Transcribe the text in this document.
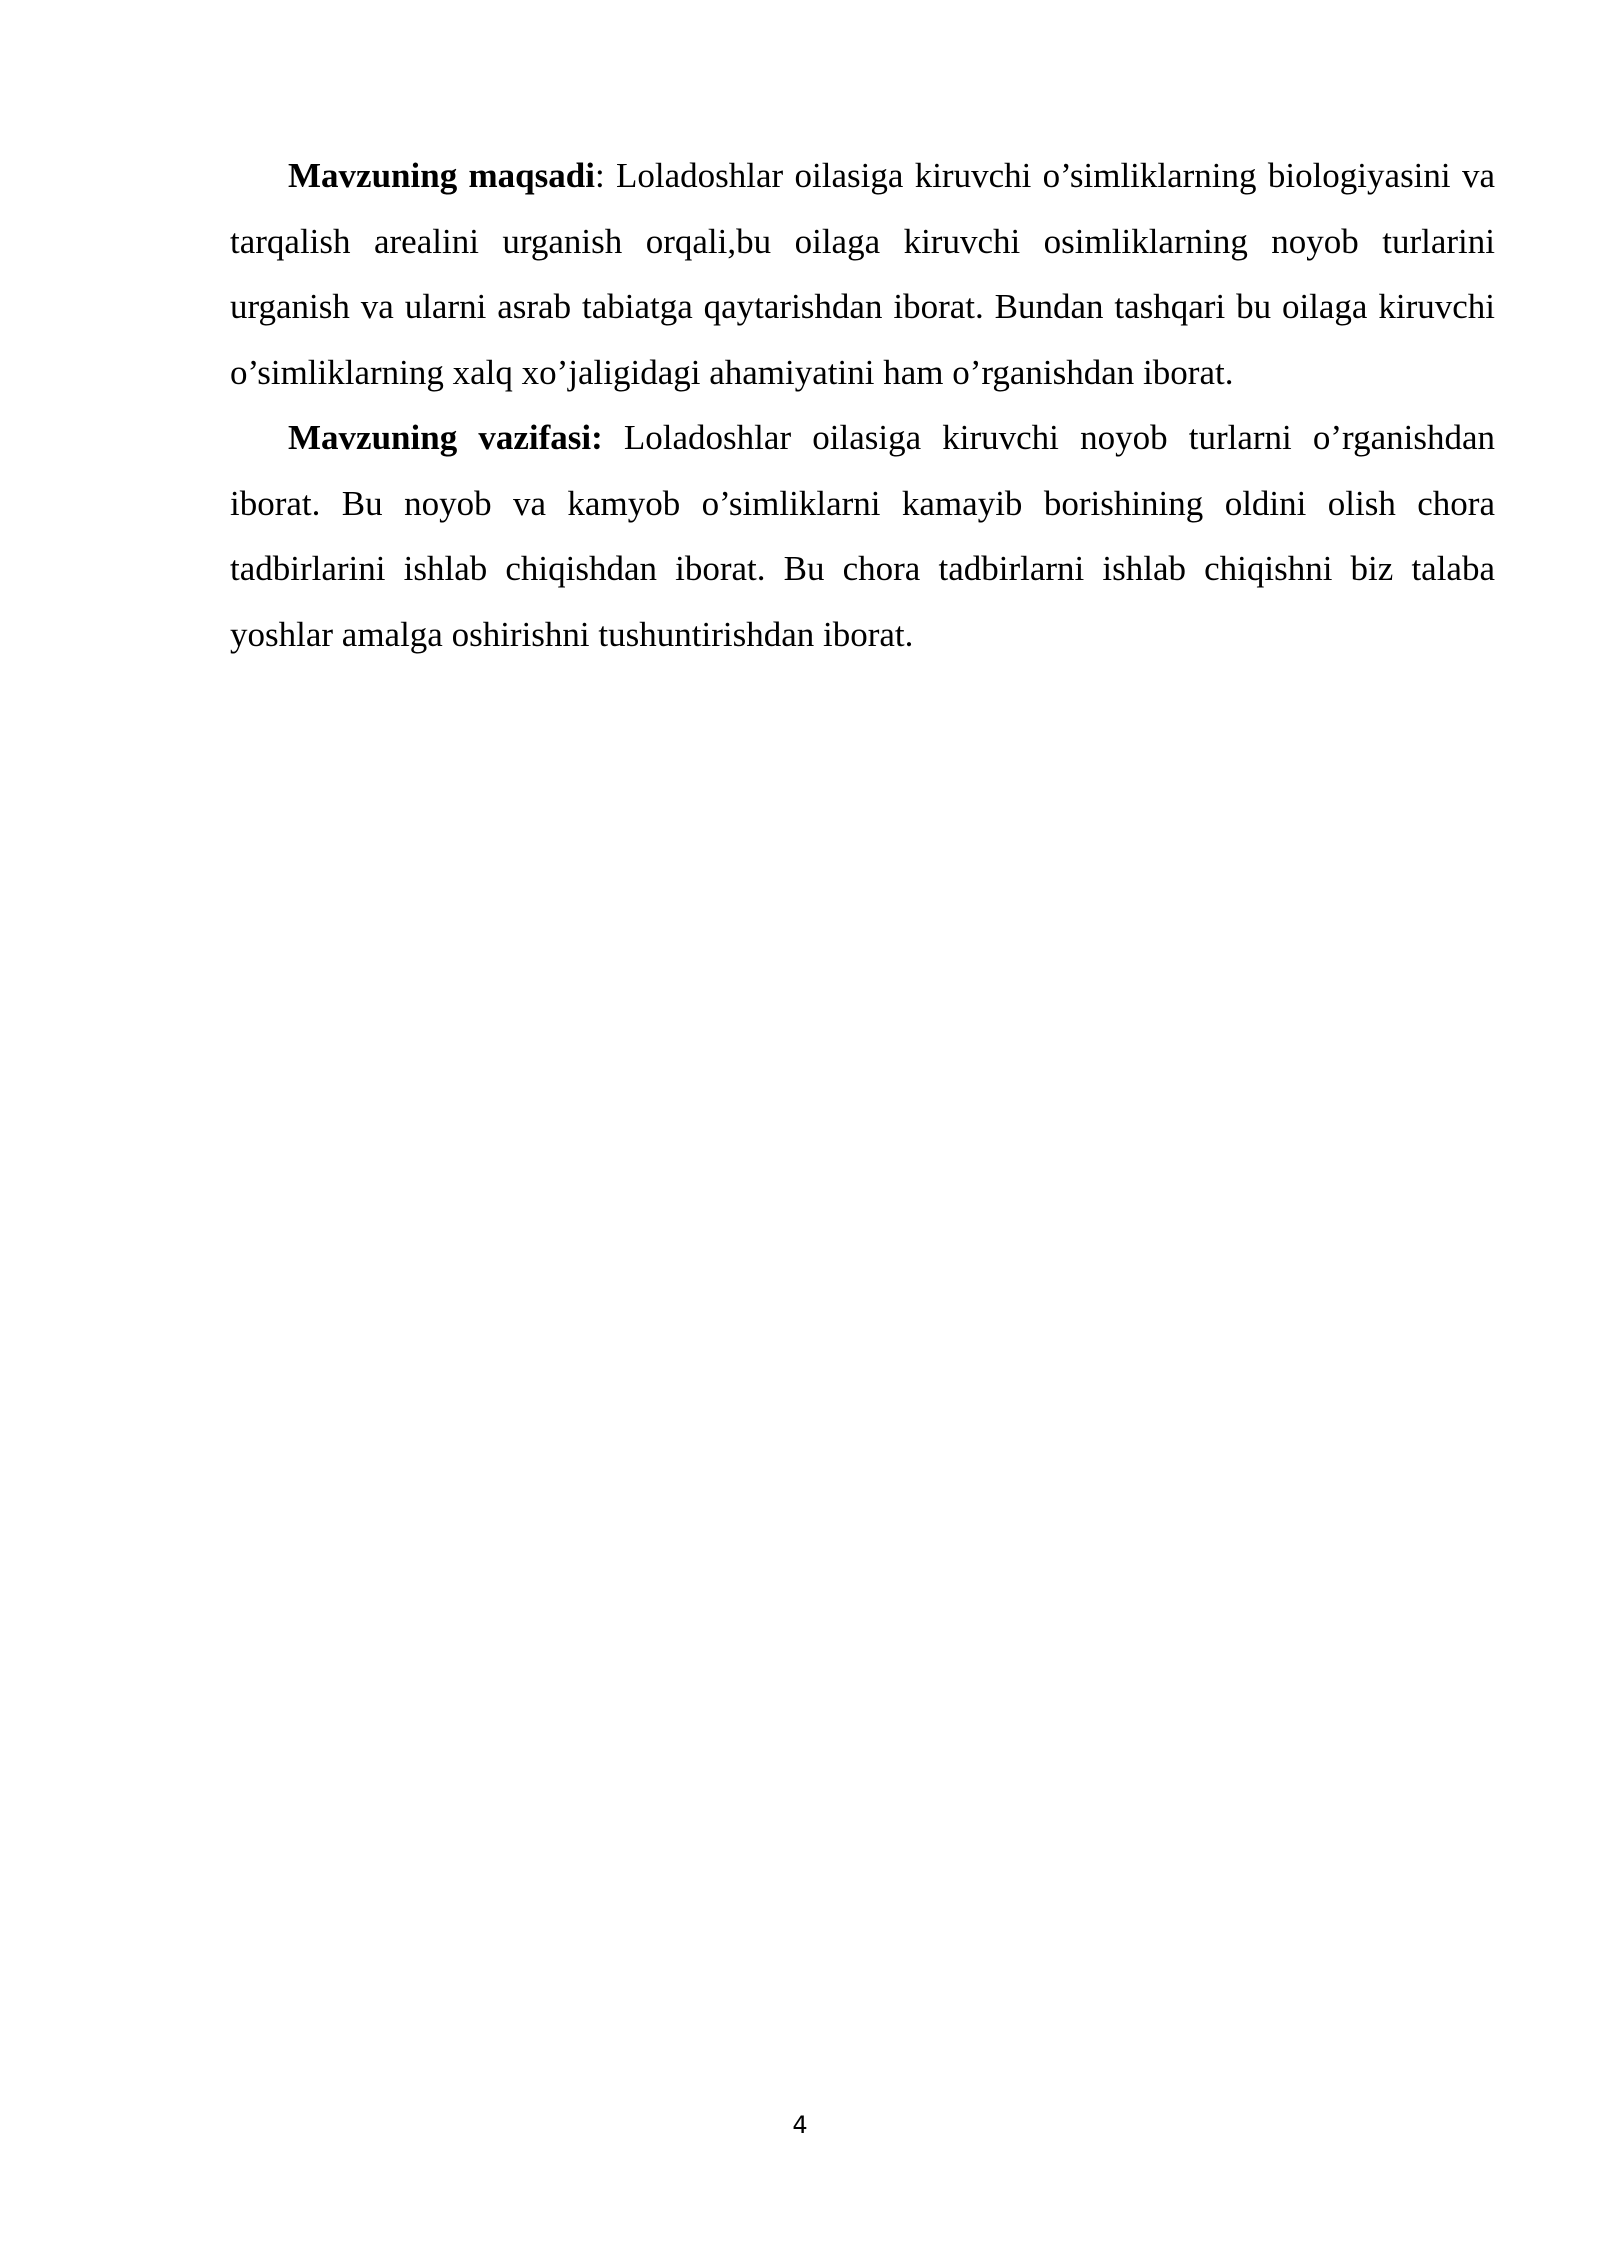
Mavzuning maqsadi: Loladoshlar oilasiga kiruvchi o’simliklarning biologiyasini va tarqalish arealini urganish orqali,bu oilaga kiruvchi osimliklarning noyob turlarini urganish va ularni asrab tabiatga qaytarishdan iborat. Bundan tashqari bu oilaga kiruvchi o’simliklarning xalq xo’jaligidagi ahamiyatini ham o’rganishdan iborat.

Mavzuning vazifasi: Loladoshlar oilasiga kiruvchi noyob turlarni o’rganishdan iborat. Bu noyob va kamyob o’simliklarni kamayib borishining oldini olish chora tadbirlarini ishlab chiqishdan iborat. Bu chora tadbirlarni ishlab chiqishni biz talaba yoshlar amalga oshirishni tushuntirishdan iborat.

4
